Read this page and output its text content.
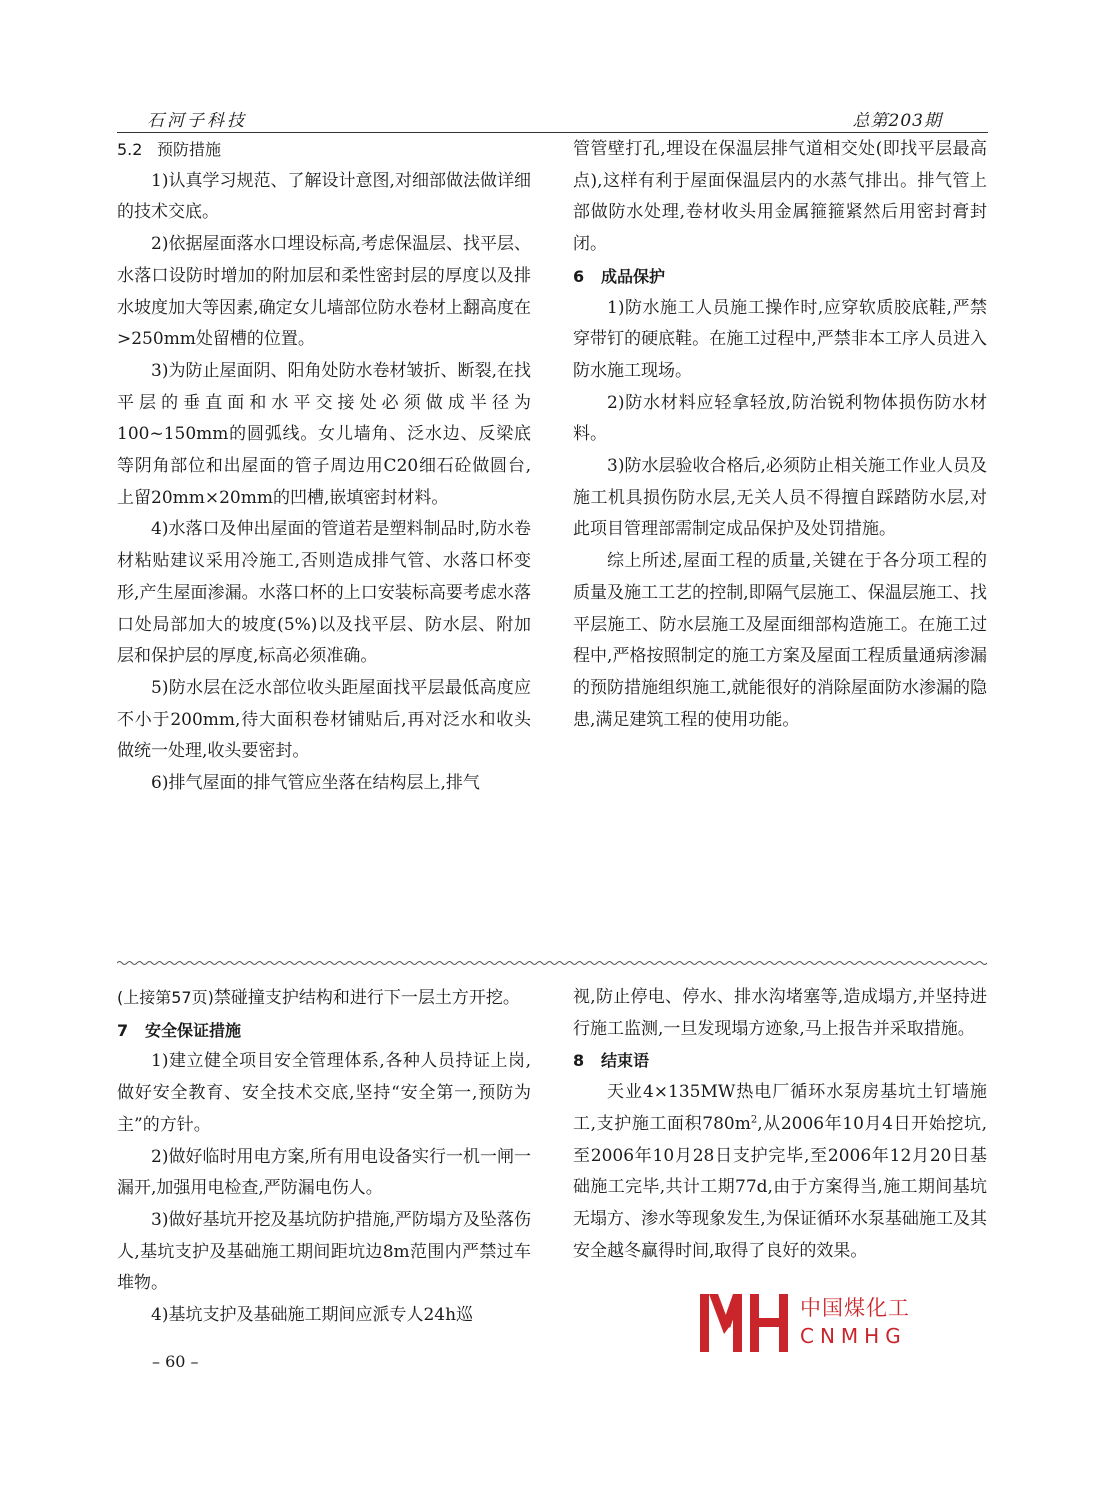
石河子科技	总第203期
5.2 预防措施

1)认真学习规范、了解设计意图,对细部做法做详细的技术交底。

2)依据屋面落水口埋设标高,考虑保温层、找平层、水落口设防时增加的附加层和柔性密封层的厚度以及排水坡度加大等因素,确定女儿墙部位防水卷材上翻高度在>250mm处留槽的位置。

3)为防止屋面阴、阳角处防水卷材皱折、断裂,在找平层的垂直面和水平交接处必须做成半径为100~150mm的圆弧线。女儿墙角、泛水边、反梁底等阴角部位和出屋面的管子周边用C20细石砼做圆台,上留20mm×20mm的凹槽,嵌填密封材料。

4)水落口及伸出屋面的管道若是塑料制品时,防水卷材粘贴建议采用冷施工,否则造成排气管、水落口杯变形,产生屋面渗漏。水落口杯的上口安装标高要考虑水落口处局部加大的坡度(5%)以及找平层、防水层、附加层和保护层的厚度,标高必须准确。

5)防水层在泛水部位收头距屋面找平层最低高度应不小于200mm,待大面积卷材铺贴后,再对泛水和收头做统一处理,收头要密封。

6)排气屋面的排气管应坐落在结构层上,排气

管管壁打孔,埋设在保温层排气道相交处(即找平层最高点),这样有利于屋面保温层内的水蒸气排出。排气管上部做防水处理,卷材收头用金属箍箍紧然后用密封膏封闭。

6 成品保护

1)防水施工人员施工操作时,应穿软质胶底鞋,严禁穿带钉的硬底鞋。在施工过程中,严禁非本工序人员进入防水施工现场。

2)防水材料应轻拿轻放,防治锐利物体损伤防水材料。

3)防水层验收合格后,必须防止相关施工作业人员及施工机具损伤防水层,无关人员不得擅自踩踏防水层,对此项目管理部需制定成品保护及处罚措施。

综上所述,屋面工程的质量,关键在于各分项工程的质量及施工工艺的控制,即隔气层施工、保温层施工、找平层施工、防水层施工及屋面细部构造施工。在施工过程中,严格按照制定的施工方案及屋面工程质量通病渗漏的预防措施组织施工,就能很好的消除屋面防水渗漏的隐患,满足建筑工程的使用功能。

(上接第57页)禁碰撞支护结构和进行下一层土方开挖。

7 安全保证措施

1)建立健全项目安全管理体系,各种人员持证上岗,做好安全教育、安全技术交底,坚持“安全第一,预防为主”的方针。

2)做好临时用电方案,所有用电设备实行一机一闸一漏开,加强用电检查,严防漏电伤人。

3)做好基坑开挖及基坑防护措施,严防塌方及坠落伤人,基坑支护及基础施工期间距坑边8m范围内严禁过车堆物。

4)基坑支护及基础施工期间应派专人24h巡

视,防止停电、停水、排水沟堵塞等,造成塌方,并坚持进行施工监测,一旦发现塌方迹象,马上报告并采取措施。

8 结束语

天业4×135MW热电厂循环水泵房基坑土钉墙施工,支护施工面积$780m^2$,从2006年10月4日开始挖坑,至2006年10月28日支护完毕,至2006年12月20日基础施工完毕,共计工期77d,由于方案得当,施工期间基坑无塌方、渗水等现象发生,为保证循环水泵基础施工及其安全越冬赢得时间,取得了良好的效果。

– 60 –
中国煤化工
CNMHG
